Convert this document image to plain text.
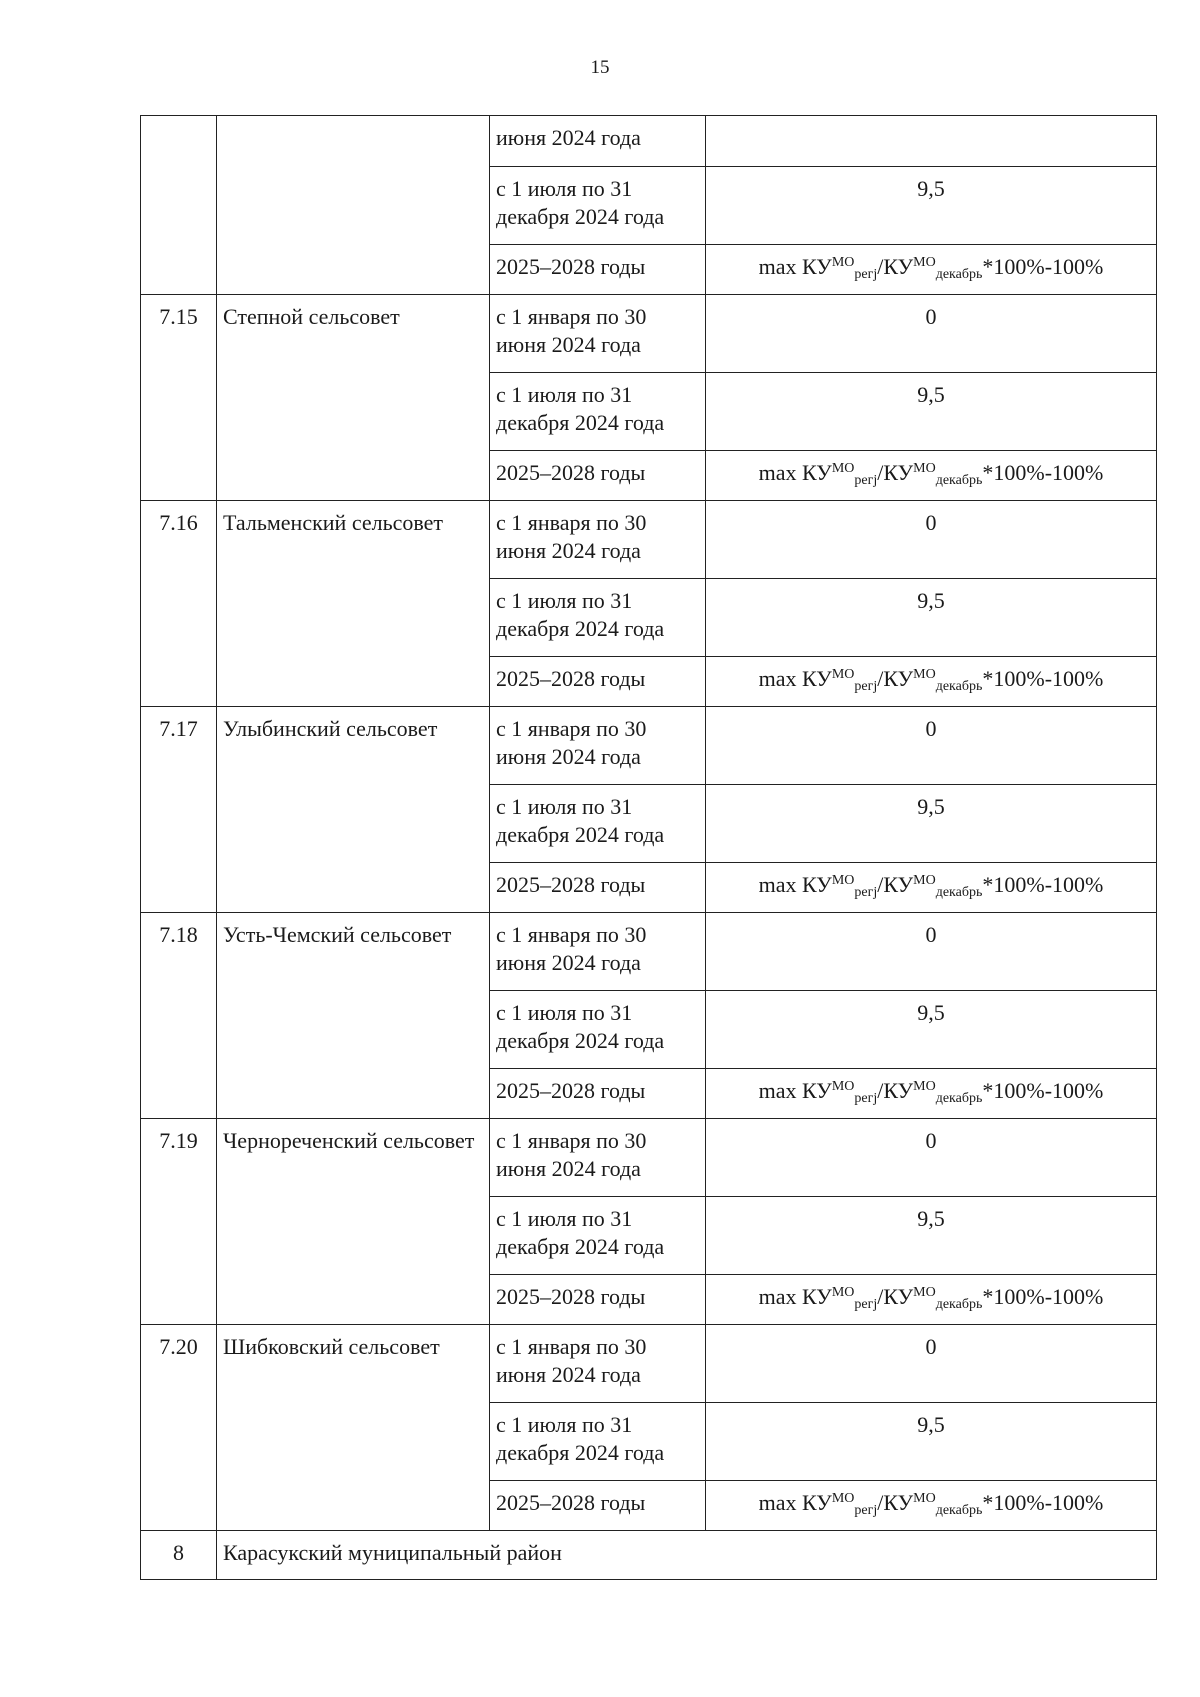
15
		июня 2024 года	
		с 1 июля по 31 декабря 2024 года	9,5
		2025–2028 годы	$\max КУ^{МО}_{регj}/КУ^{МО}_{декабрь}*100\%-100\%$
7.15	Степной сельсовет	с 1 января по 30 июня 2024 года	0
		с 1 июля по 31 декабря 2024 года	9,5
		2025–2028 годы	$\max КУ^{МО}_{регj}/КУ^{МО}_{декабрь}*100\%-100\%$
7.16	Тальменский сельсовет	с 1 января по 30 июня 2024 года	0
		с 1 июля по 31 декабря 2024 года	9,5
		2025–2028 годы	$\max КУ^{МО}_{регj}/КУ^{МО}_{декабрь}*100\%-100\%$
7.17	Улыбинский сельсовет	с 1 января по 30 июня 2024 года	0
		с 1 июля по 31 декабря 2024 года	9,5
		2025–2028 годы	$\max КУ^{МО}_{регj}/КУ^{МО}_{декабрь}*100\%-100\%$
7.18	Усть-Чемский сельсовет	с 1 января по 30 июня 2024 года	0
		с 1 июля по 31 декабря 2024 года	9,5
		2025–2028 годы	$\max КУ^{МО}_{регj}/КУ^{МО}_{декабрь}*100\%-100\%$
7.19	Чернореченский сельсовет	с 1 января по 30 июня 2024 года	0
		с 1 июля по 31 декабря 2024 года	9,5
		2025–2028 годы	$\max КУ^{МО}_{регj}/КУ^{МО}_{декабрь}*100\%-100\%$
7.20	Шибковский сельсовет	с 1 января по 30 июня 2024 года	0
		с 1 июля по 31 декабря 2024 года	9,5
		2025–2028 годы	$\max КУ^{МО}_{регj}/КУ^{МО}_{декабрь}*100\%-100\%$
8	Карасукский муниципальный район		
